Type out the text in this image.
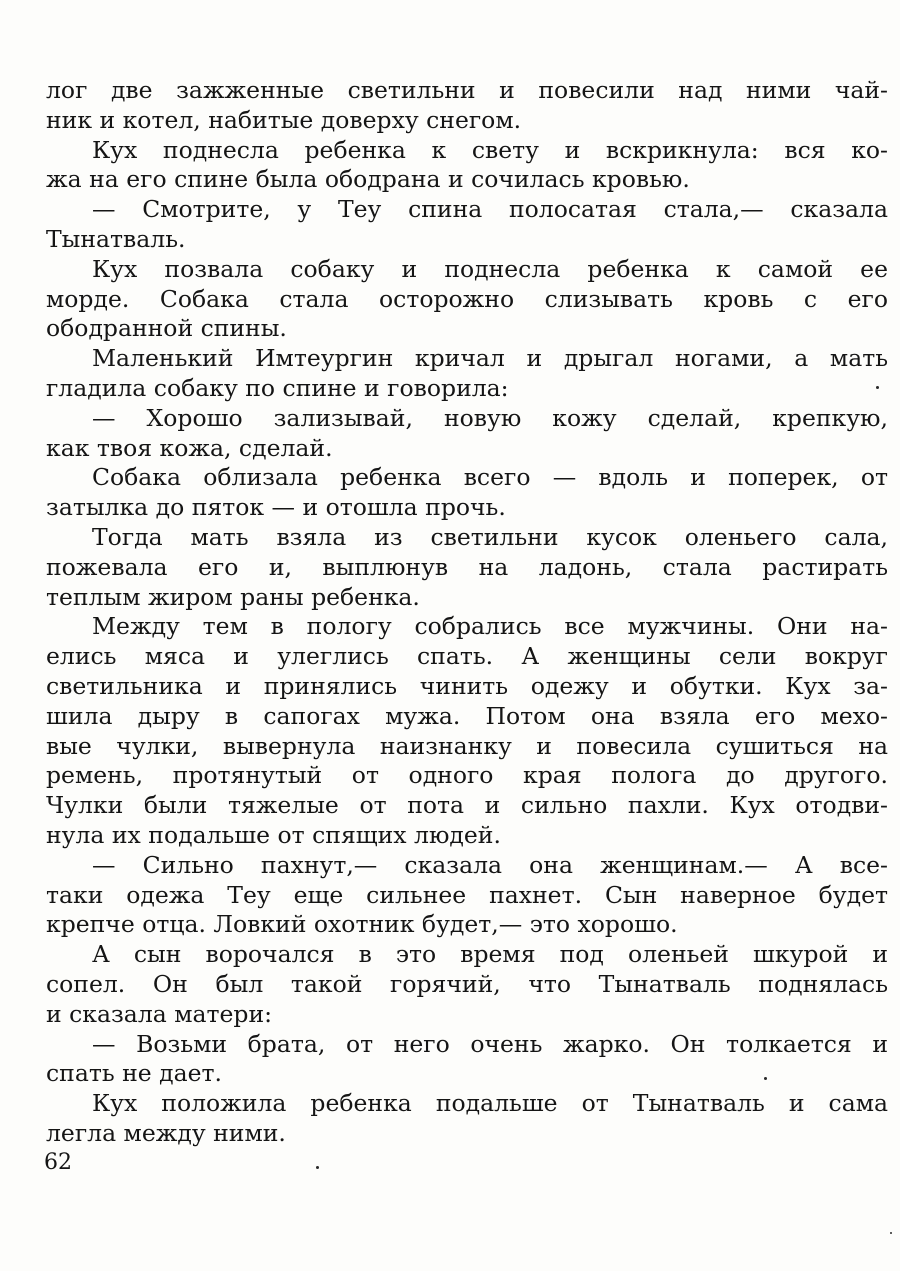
лог две зажженные светильни и повесили над ними чай-
ник и котел, набитые доверху снегом.
Кух поднесла ребенка к свету и вскрикнула: вся ко-
жа на его спине была ободрана и сочилась кровью.
— Смотрите, у Теу спина полосатая стала,— сказала
Тынатваль.
Кух позвала собаку и поднесла ребенка к самой ее
морде. Собака стала осторожно слизывать кровь с его
ободранной спины.
Маленький Имтеургин кричал и дрыгал ногами, а мать
гладила собаку по спине и говорила:
— Хорошо зализывай, новую кожу сделай, крепкую,
как твоя кожа, сделай.
Собака облизала ребенка всего — вдоль и поперек, от
затылка до пяток — и отошла прочь.
Тогда мать взяла из светильни кусок оленьего сала,
пожевала его и, выплюнув на ладонь, стала растирать
теплым жиром раны ребенка.
Между тем в пологу собрались все мужчины. Они на-
елись мяса и улеглись спать. А женщины сели вокруг
светильника и принялись чинить одежу и обутки. Кух за-
шила дыру в сапогах мужа. Потом она взяла его мехо-
вые чулки, вывернула наизнанку и повесила сушиться на
ремень, протянутый от одного края полога до другого.
Чулки были тяжелые от пота и сильно пахли. Кух отодви-
нула их подальше от спящих людей.
— Сильно пахнут,— сказала она женщинам.— А все-
таки одежа Теу еще сильнее пахнет. Сын наверное будет
крепче отца. Ловкий охотник будет,— это хорошо.
А сын ворочался в это время под оленьей шкурой и
сопел. Он был такой горячий, что Тынатваль поднялась
и сказала матери:
— Возьми брата, от него очень жарко. Он толкается и
спать не дает.
Кух положила ребенка подальше от Тынатваль и сама
легла между ними.
62
